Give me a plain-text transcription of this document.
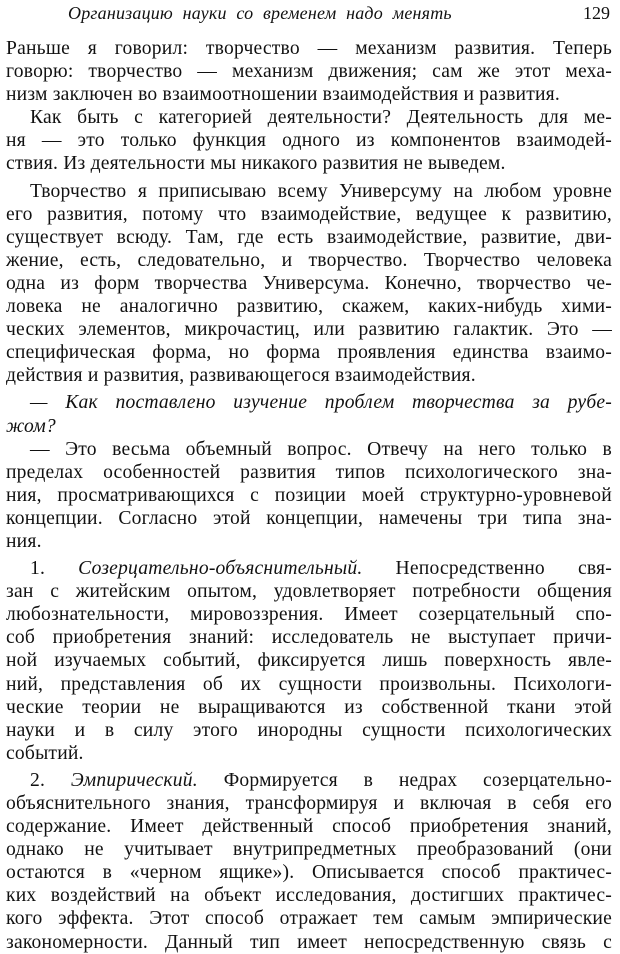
Организацию науки со временем надо менять	129
Раньше я говорил: творчество — механизм развития. Теперь
говорю: творчество — механизм движения; сам же этот меха-
низм заключен во взаимоотношении взаимодействия и развития.
Как быть с категорией деятельности? Деятельность для ме-
ня — это только функция одного из компонентов взаимодей-
ствия. Из деятельности мы никакого развития не выведем.
Творчество я приписываю всему Универсуму на любом уровне
его развития, потому что взаимодействие, ведущее к развитию,
существует всюду. Там, где есть взаимодействие, развитие, дви-
жение, есть, следовательно, и творчество. Творчество человека
одна из форм творчества Универсума. Конечно, творчество че-
ловека не аналогично развитию, скажем, каких-нибудь хими-
ческих элементов, микрочастиц, или развитию галактик. Это —
специфическая форма, но форма проявления единства взаимо-
действия и развития, развивающегося взаимодействия.
— Как поставлено изучение проблем творчества за рубе-
жом?
— Это весьма объемный вопрос. Отвечу на него только в
пределах особенностей развития типов психологического зна-
ния, просматривающихся с позиции моей структурно-уровневой
концепции. Согласно этой концепции, намечены три типа зна-
ния.
1. Созерцательно-объяснительный. Непосредственно свя-
зан с житейским опытом, удовлетворяет потребности общения
любознательности, мировоззрения. Имеет созерцательный спо-
соб приобретения знаний: исследователь не выступает причи-
ной изучаемых событий, фиксируется лишь поверхность явле-
ний, представления об их сущности произвольны. Психологи-
ческие теории не выращиваются из собственной ткани этой
науки и в силу этого инородны сущности психологических
событий.
2. Эмпирический. Формируется в недрах созерцательно-
объяснительного знания, трансформируя и включая в себя его
содержание. Имеет действенный способ приобретения знаний,
однако не учитывает внутрипредметных преобразований (они
остаются в «черном ящике»). Описывается способ практичес-
ких воздействий на объект исследования, достигших практичес-
кого эффекта. Этот способ отражает тем самым эмпирические
закономерности. Данный тип имеет непосредственную связь с
